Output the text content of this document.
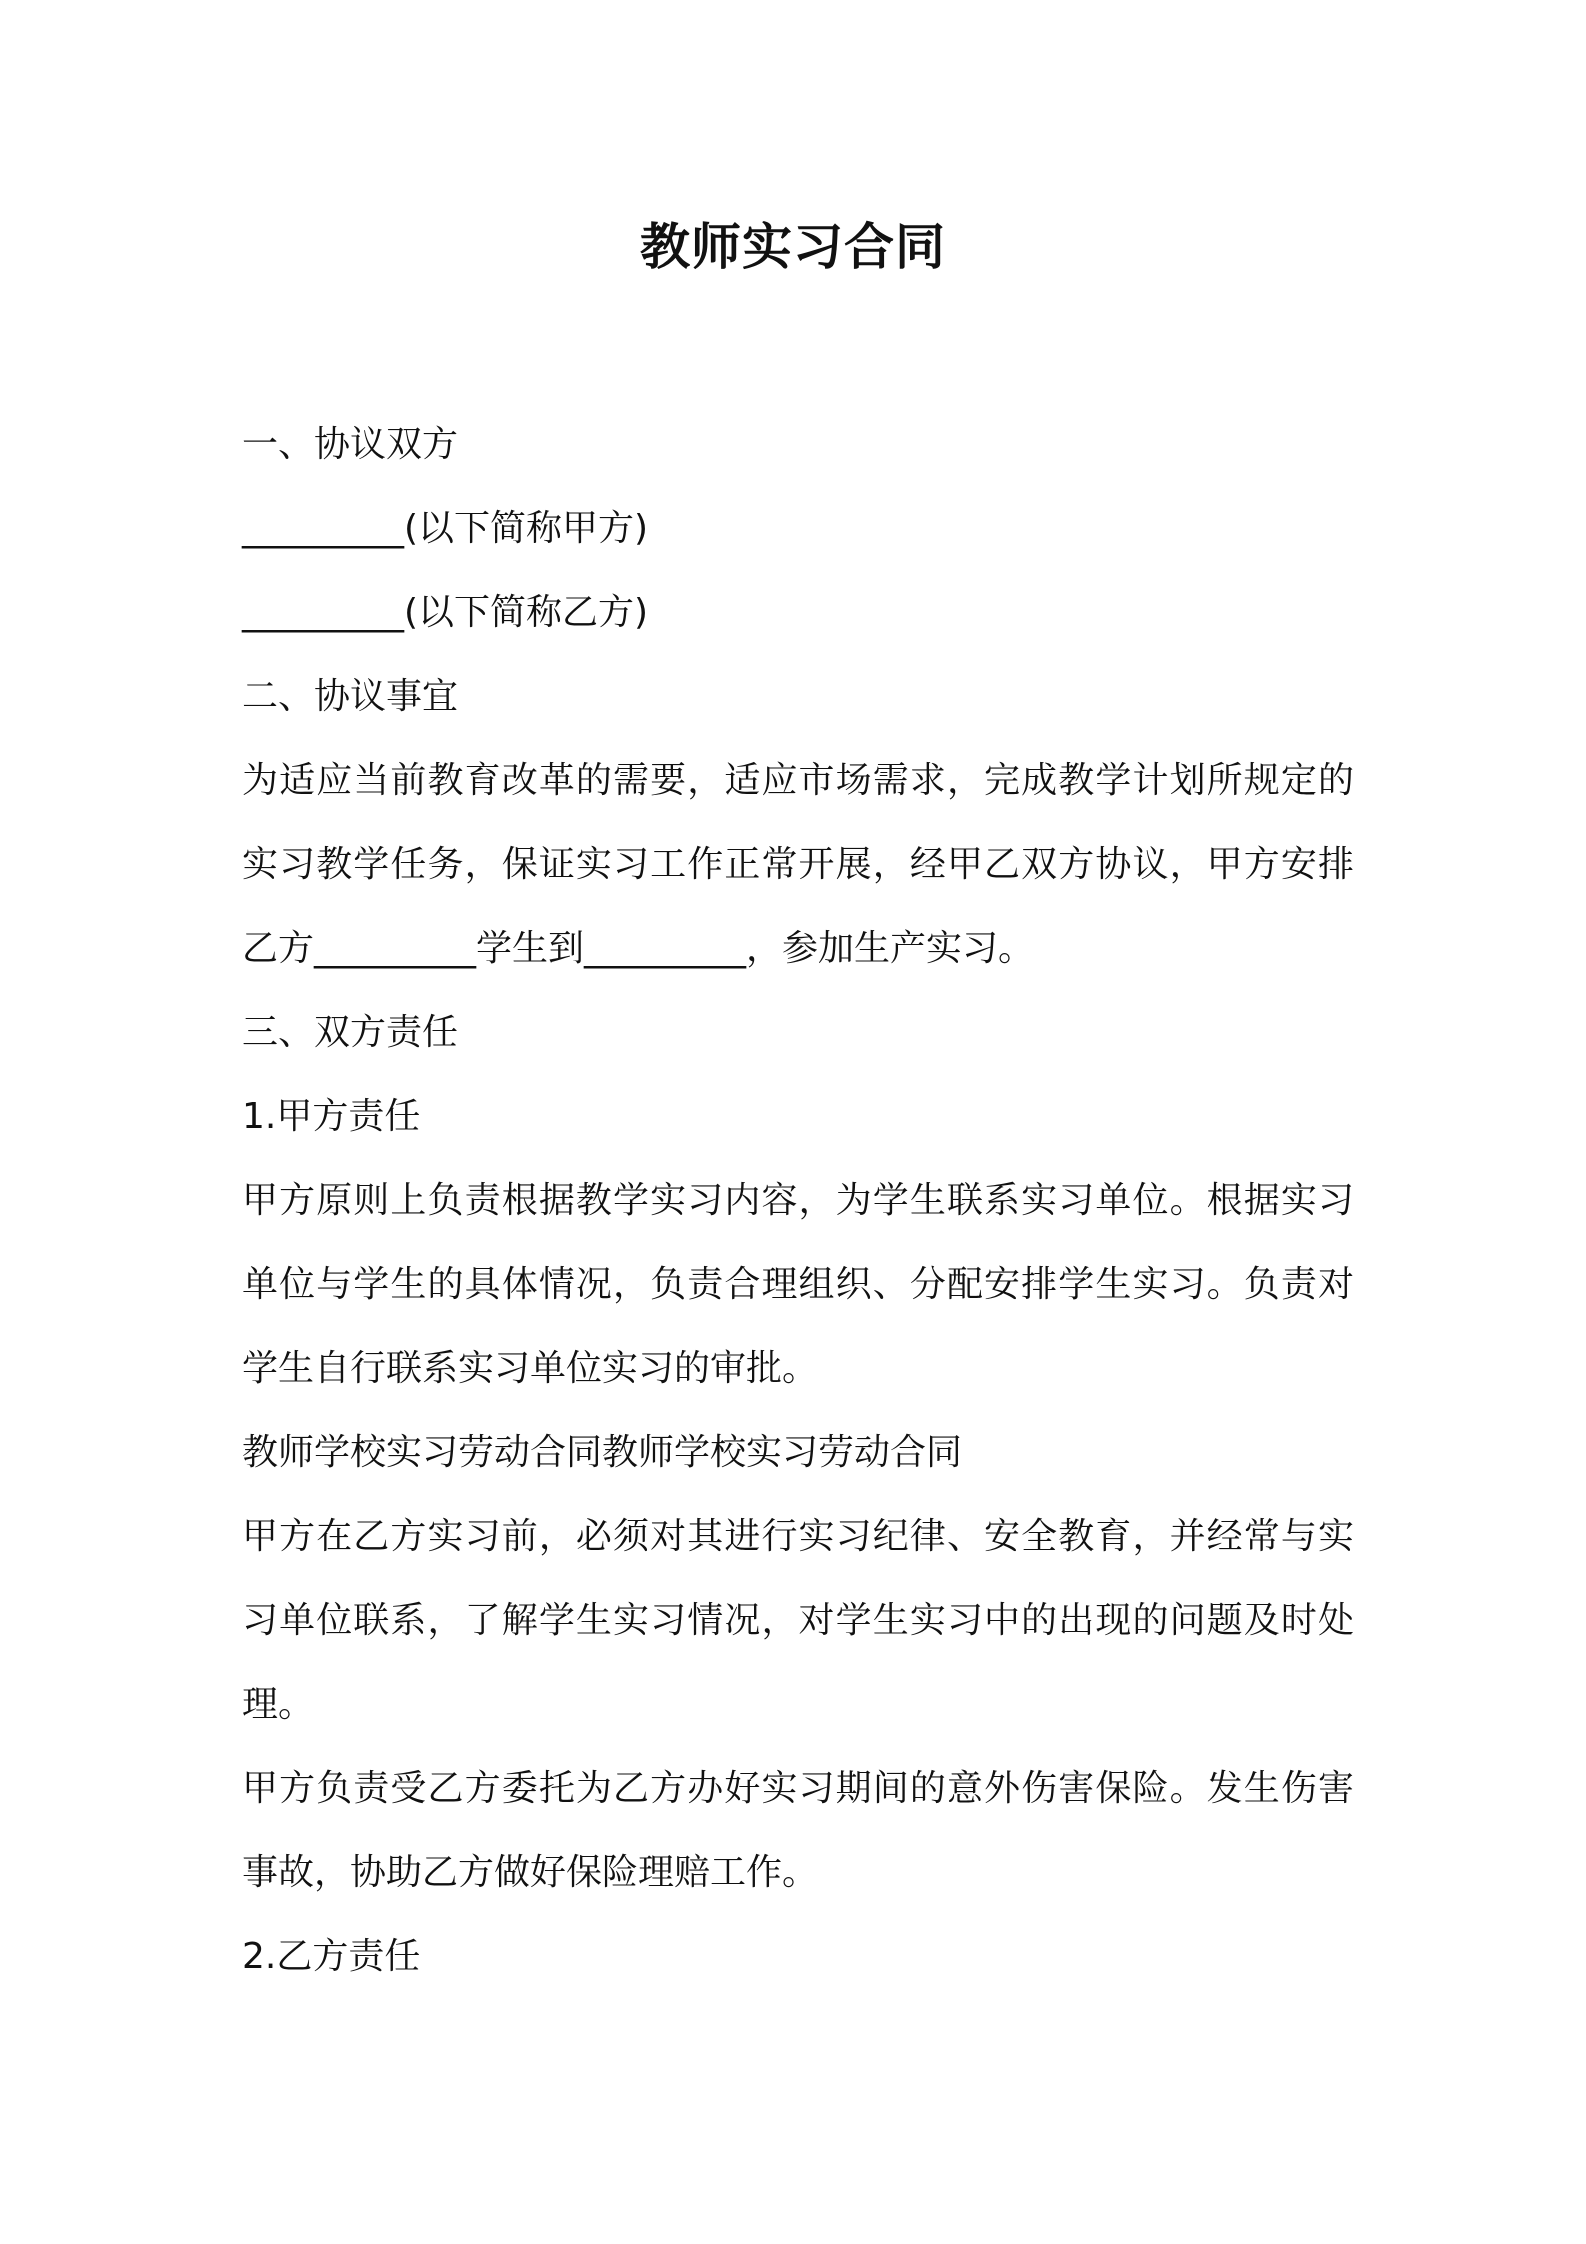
教师实习合同

一、协议双方

_________(以下简称甲方)

_________(以下简称乙方)

二、协议事宜

为适应当前教育改革的需要，适应市场需求，完成教学计划所规定的实习教学任务，保证实习工作正常开展，经甲乙双方协议，甲方安排乙方_________学生到_________，参加生产实习。

三、双方责任

1.甲方责任

甲方原则上负责根据教学实习内容，为学生联系实习单位。根据实习单位与学生的具体情况，负责合理组织、分配安排学生实习。负责对学生自行联系实习单位实习的审批。

教师学校实习劳动合同教师学校实习劳动合同

甲方在乙方实习前，必须对其进行实习纪律、安全教育，并经常与实习单位联系，了解学生实习情况，对学生实习中的出现的问题及时处理。

甲方负责受乙方委托为乙方办好实习期间的意外伤害保险。发生伤害事故，协助乙方做好保险理赔工作。

2.乙方责任
